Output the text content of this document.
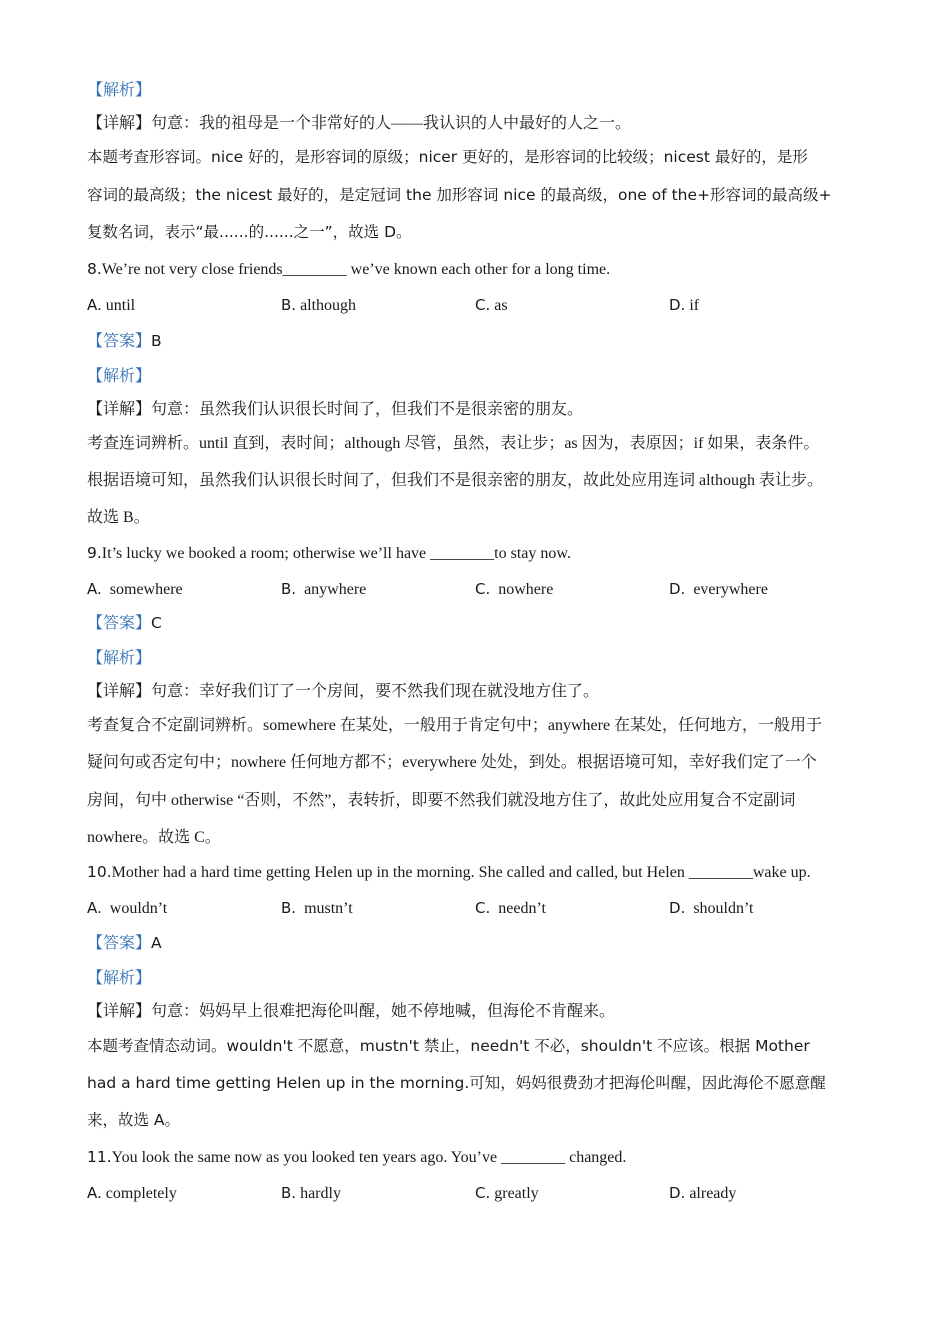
【解析】
【详解】句意：我的祖母是一个非常好的人——我认识的人中最好的人之一。
本题考查形容词。nice 好的，是形容词的原级；nicer 更好的，是形容词的比较级；nicest 最好的，是形
容词的最高级；the nicest 最好的，是定冠词 the 加形容词 nice 的最高级，one of the+形容词的最高级+
复数名词，表示“最......的......之一”，故选 D。
8.We’re not very close friends________ we’ve known each other for a long time.
A. until	B. although	C. as	D. if
【答案】B
【解析】
【详解】句意：虽然我们认识很长时间了，但我们不是很亲密的朋友。
考查连词辨析。until 直到，表时间；although 尽管，虽然，表让步；as 因为，表原因；if 如果，表条件。
根据语境可知，虽然我们认识很长时间了，但我们不是很亲密的朋友，故此处应用连词 although 表让步。
故选 B。
9.It’s lucky we booked a room; otherwise we’ll have ________to stay now.
A. somewhere	B. anywhere	C. nowhere	D. everywhere
【答案】C
【解析】
【详解】句意：幸好我们订了一个房间，要不然我们现在就没地方住了。
考查复合不定副词辨析。somewhere 在某处，一般用于肯定句中；anywhere 在某处，任何地方，一般用于
疑问句或否定句中；nowhere 任何地方都不；everywhere 处处，到处。根据语境可知，幸好我们定了一个
房间，句中 otherwise “否则，不然”，表转折，即要不然我们就没地方住了，故此处应用复合不定副词
nowhere。故选 C。
10.Mother had a hard time getting Helen up in the morning. She called and called, but Helen ________wake up.
A. wouldn’t	B. mustn’t	C. needn’t	D. shouldn’t
【答案】A
【解析】
【详解】句意：妈妈早上很难把海伦叫醒，她不停地喊，但海伦不肯醒来。
本题考查情态动词。wouldn't 不愿意，mustn't 禁止，needn't 不必，shouldn't 不应该。根据 Mother
had a hard time getting Helen up in the morning.可知，妈妈很费劲才把海伦叫醒，因此海伦不愿意醒
来，故选 A。
11.You look the same now as you looked ten years ago. You’ve ________ changed.
A. completely	B. hardly	C. greatly	D. already
